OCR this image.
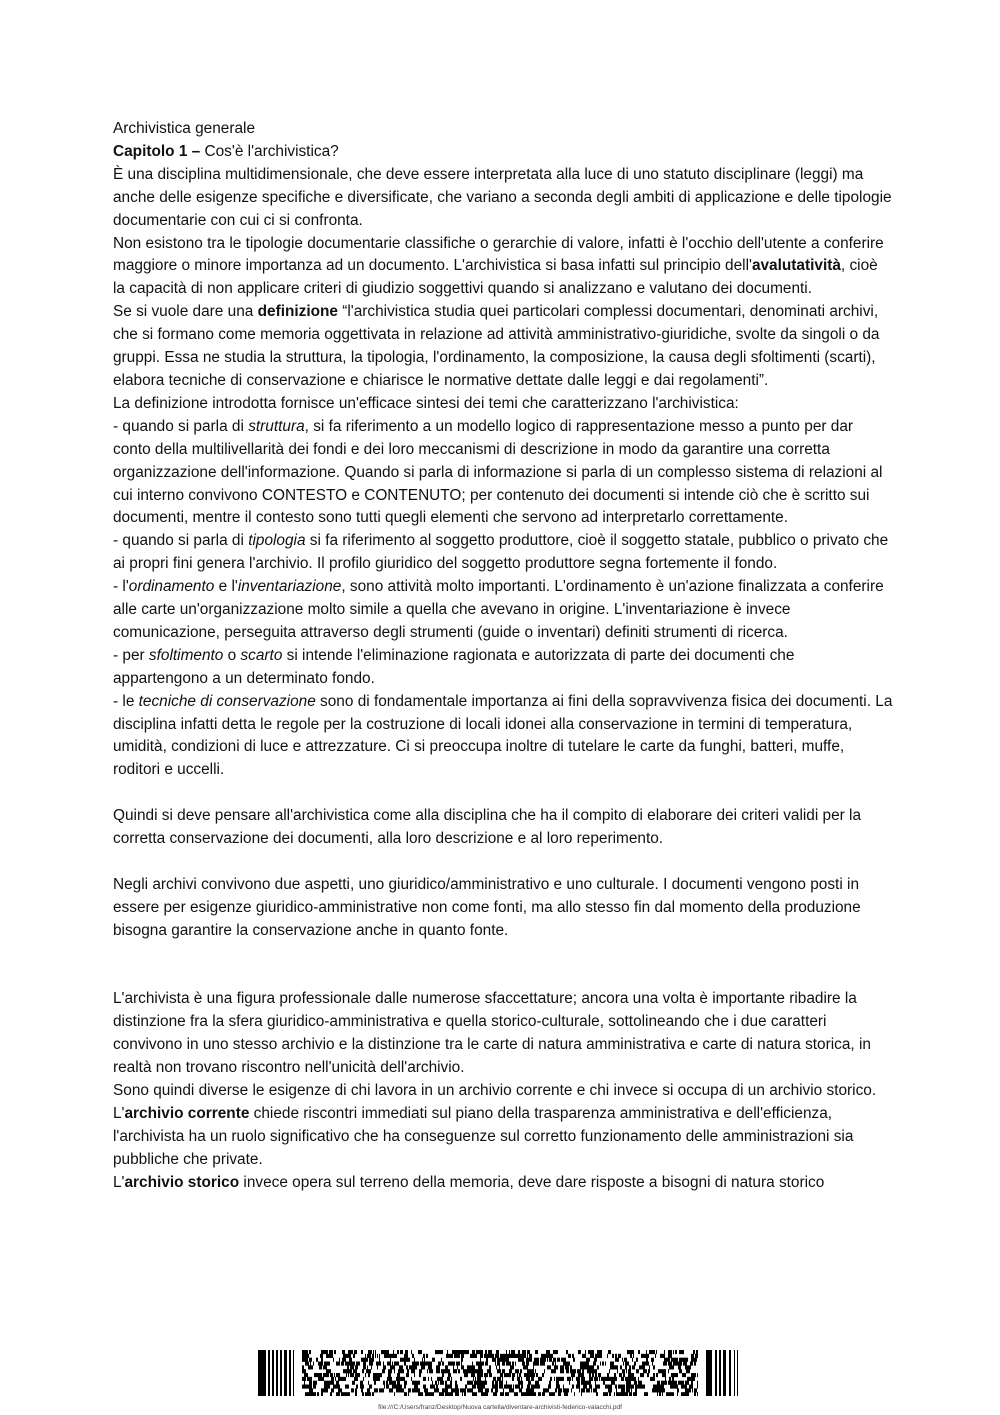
Archivistica generale

Capitolo 1 – Cos'è l'archivistica?

È una disciplina multidimensionale, che deve essere interpretata alla luce di uno statuto disciplinare (leggi) ma anche delle esigenze specifiche e diversificate, che variano a seconda degli ambiti di applicazione e delle tipologie documentarie con cui ci si confronta.

Non esistono tra le tipologie documentarie classifiche o gerarchie di valore, infatti è l'occhio dell'utente a conferire maggiore o minore importanza ad un documento. L'archivistica si basa infatti sul principio dell'avalutatività, cioè la capacità di non applicare criteri di giudizio soggettivi quando si analizzano e valutano dei documenti.

Se si vuole dare una definizione “l'archivistica studia quei particolari complessi documentari, denominati archivi, che si formano come memoria oggettivata in relazione ad attività amministrativo-giuridiche, svolte da singoli o da gruppi. Essa ne studia la struttura, la tipologia, l'ordinamento, la composizione, la causa degli sfoltimenti (scarti), elabora tecniche di conservazione e chiarisce le normative dettate dalle leggi e dai regolamenti”.

La definizione introdotta fornisce un'efficace sintesi dei temi che caratterizzano l'archivistica:

- quando si parla di struttura, si fa riferimento a un modello logico di rappresentazione messo a punto per dar conto della multilivellarità dei fondi e dei loro meccanismi di descrizione in modo da garantire una corretta organizzazione dell'informazione. Quando si parla di informazione si parla di un complesso sistema di relazioni al cui interno convivono CONTESTO e CONTENUTO; per contenuto dei documenti si intende ciò che è scritto sui documenti, mentre il contesto sono tutti quegli elementi che servono ad interpretarlo correttamente.

- quando si parla di tipologia si fa riferimento al soggetto produttore, cioè il soggetto statale, pubblico o privato che ai propri fini genera l'archivio. Il profilo giuridico del soggetto produttore segna fortemente il fondo.

- l'ordinamento e l'inventariazione, sono attività molto importanti. L'ordinamento è un'azione finalizzata a conferire alle carte un'organizzazione molto simile a quella che avevano in origine. L'inventariazione è invece comunicazione, perseguita attraverso degli strumenti (guide o inventari) definiti strumenti di ricerca.

- per sfoltimento o scarto si intende l'eliminazione ragionata e autorizzata di parte dei documenti che appartengono a un determinato fondo.

- le tecniche di conservazione sono di fondamentale importanza ai fini della sopravvivenza fisica dei documenti. La disciplina infatti detta le regole per la costruzione di locali idonei alla conservazione in termini di temperatura, umidità, condizioni di luce e attrezzature. Ci si preoccupa inoltre di tutelare le carte da funghi, batteri, muffe, roditori e uccelli.

Quindi si deve pensare all'archivistica come alla disciplina che ha il compito di elaborare dei criteri validi per la corretta conservazione dei documenti, alla loro descrizione e al loro reperimento.

Negli archivi convivono due aspetti, uno giuridico/amministrativo e uno culturale. I documenti vengono posti in essere per esigenze giuridico-amministrative non come fonti, ma allo stesso fin dal momento della produzione bisogna garantire la conservazione anche in quanto fonte.

L'archivista è una figura professionale dalle numerose sfaccettature; ancora una volta è importante ribadire la distinzione fra la sfera giuridico-amministrativa e quella storico-culturale, sottolineando che i due caratteri convivono in uno stesso archivio e la distinzione tra le carte di natura amministrativa e carte di natura storica, in realtà non trovano riscontro nell'unicità dell'archivio.

Sono quindi diverse le esigenze di chi lavora in un archivio corrente e chi invece si occupa di un archivio storico.

L'archivio corrente chiede riscontri immediati sul piano della trasparenza amministrativa e dell'efficienza, l'archivista ha un ruolo significativo che ha conseguenze sul corretto funzionamento delle amministrazioni sia pubbliche che private.

L'archivio storico invece opera sul terreno della memoria, deve dare risposte a bisogni di natura storico

file:///C:/Users/franz/Desktop/Nuova cartella/diventare-archivisti-federico-valacchi.pdf
